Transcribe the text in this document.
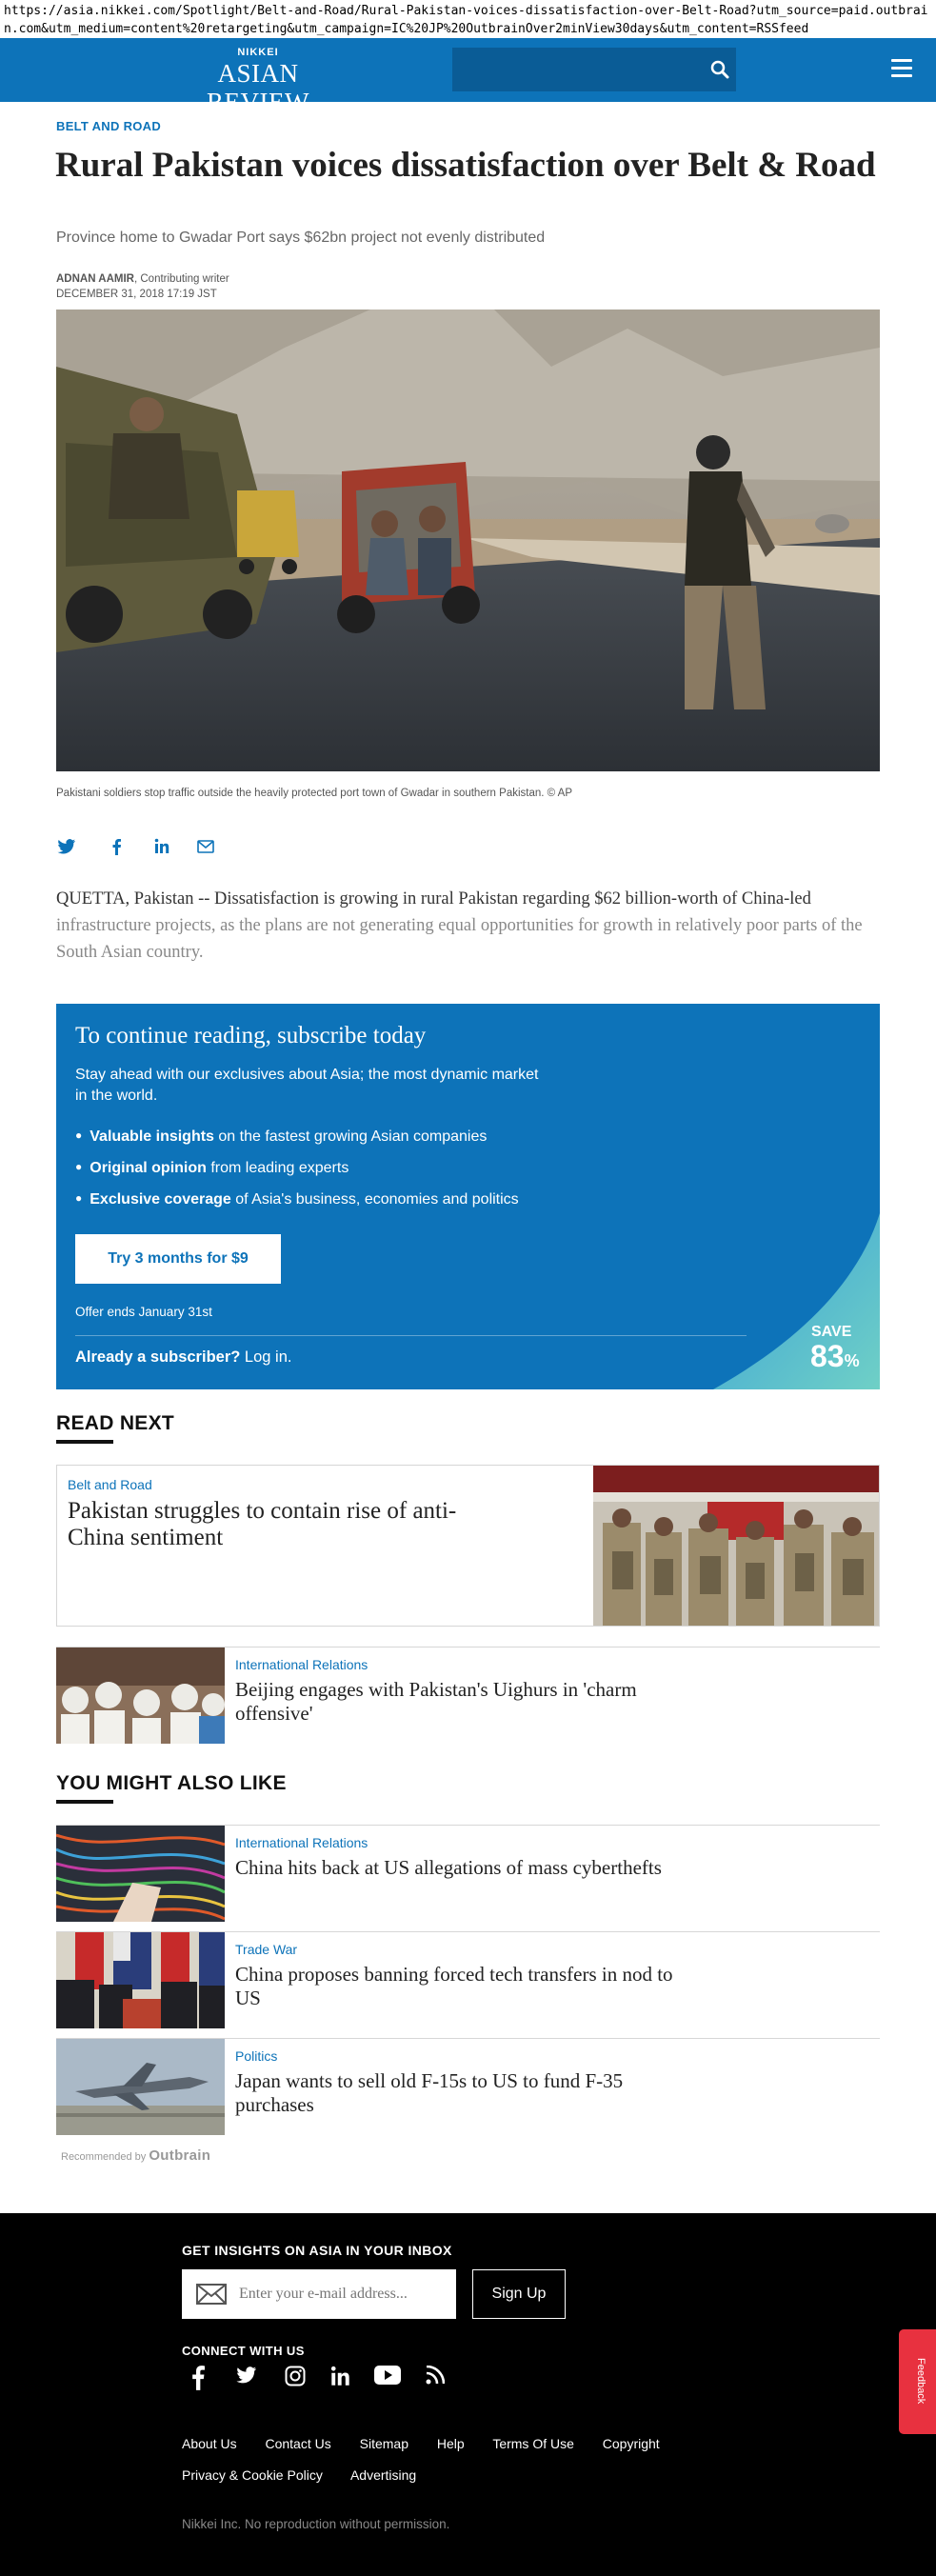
https://asia.nikkei.com/Spotlight/Belt-and-Road/Rural-Pakistan-voices-dissatisfaction-over-Belt-Road?utm_source=paid.outbrain.com&utm_medium=content%20retargeting&utm_campaign=IC%20JP%20OutbrainOver2minView30days&utm_content=RSSfeed
NIKKEI
ASIAN REVIEW
BELT AND ROAD
Rural Pakistan voices dissatisfaction over Belt & Road
Province home to Gwadar Port says $62bn project not evenly distributed
ADNAN AAMIR, Contributing writer
DECEMBER 31, 2018 17:19 JST
Pakistani soldiers stop traffic outside the heavily protected port town of Gwadar in southern Pakistan. © AP
QUETTA, Pakistan -- Dissatisfaction is growing in rural Pakistan regarding $62 billion-worth of China-led infrastructure projects, as the plans are not generating equal opportunities for growth in relatively poor parts of the South Asian country.
To continue reading, subscribe today
Stay ahead with our exclusives about Asia; the most dynamic market in the world.
● Valuable insights on the fastest growing Asian companies
● Original opinion from leading experts
● Exclusive coverage of Asia's business, economies and politics
Try 3 months for $9
Offer ends January 31st
Already a subscriber? Log in.
SAVE
83%
READ NEXT
Belt and Road
Pakistan struggles to contain rise of anti-China sentiment
International Relations
Beijing engages with Pakistan's Uighurs in 'charm offensive'
YOU MIGHT ALSO LIKE
International Relations
China hits back at US allegations of mass cyberthefts
Trade War
China proposes banning forced tech transfers in nod to US
Politics
Japan wants to sell old F-15s to US to fund F-35 purchases
Recommended by Outbrain
GET INSIGHTS ON ASIA IN YOUR INBOX
Enter your e-mail address...
Sign Up
CONNECT WITH US
About Us Contact Us Sitemap Help Terms Of Use Copyright
Privacy & Cookie Policy Advertising
Nikkei Inc. No reproduction without permission.
Feedback
